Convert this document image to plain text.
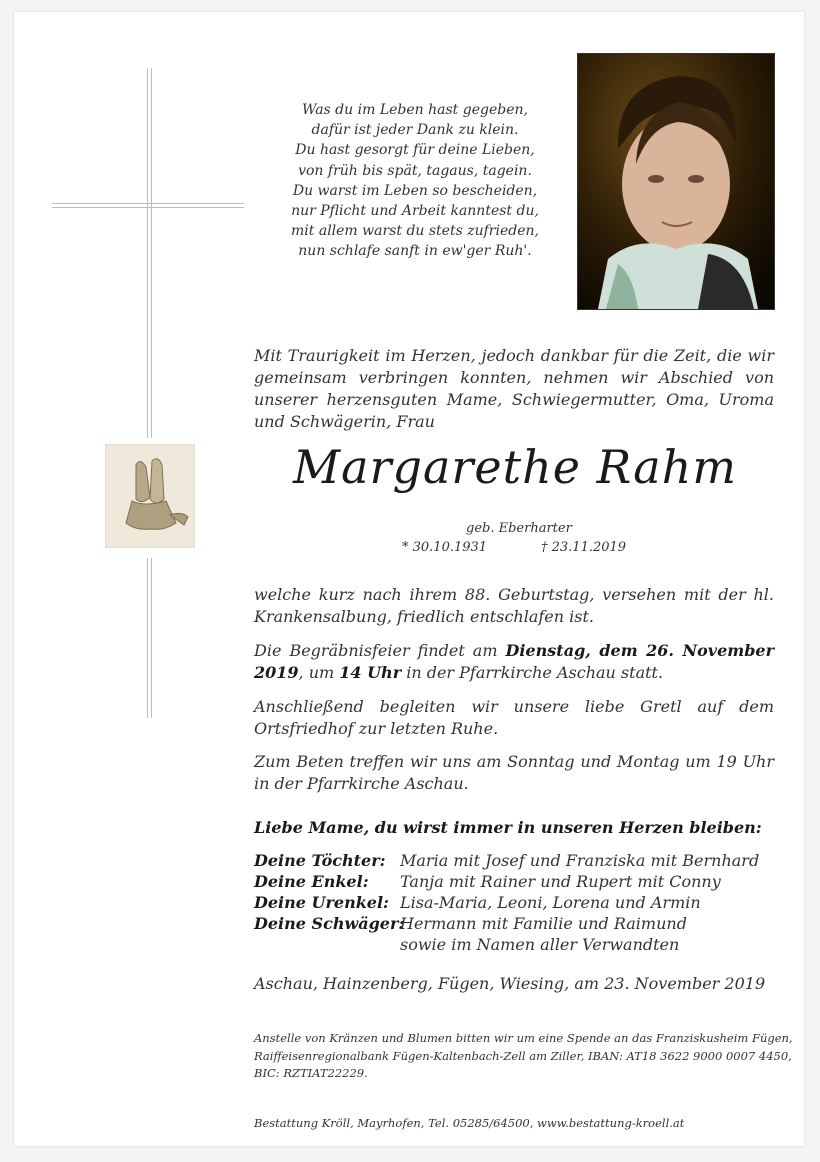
Was du im Leben hast gegeben,
dafür ist jeder Dank zu klein.
Du hast gesorgt für deine Lieben,
von früh bis spät, tagaus, tagein.
Du warst im Leben so bescheiden,
nur Pflicht und Arbeit kanntest du,
mit allem warst du stets zufrieden,
nun schlafe sanft in ew'ger Ruh'.

Mit Traurigkeit im Herzen, jedoch dankbar für die Zeit, die wir gemeinsam verbringen konnten, nehmen wir Abschied von unserer herzensguten Mame, Schwiegermutter, Oma, Uroma und Schwägerin, Frau

Margarethe Rahm
geb. Eberharter
* 30.10.1931	† 23.11.2019

welche kurz nach ihrem 88. Geburtstag, versehen mit der hl. Krankensalbung, friedlich entschlafen ist.

Die Begräbnisfeier findet am Dienstag, dem 26. November 2019, um 14 Uhr in der Pfarrkirche Aschau statt.

Anschließend begleiten wir unsere liebe Gretl auf dem Ortsfriedhof zur letzten Ruhe.

Zum Beten treffen wir uns am Sonntag und Montag um 19 Uhr in der Pfarrkirche Aschau.

Liebe Mame, du wirst immer in unseren Herzen bleiben:
Deine Töchter: Maria mit Josef und Franziska mit Bernhard
Deine Enkel:	Tanja mit Rainer und Rupert mit Conny
Deine Urenkel: Lisa-Maria, Leoni, Lorena und Armin
Deine Schwäger:
Hermann mit Familie und Raimund
sowie im Namen aller Verwandten
Aschau, Hainzenberg, Fügen, Wiesing, am 23. November 2019
Anstelle von Kränzen und Blumen bitten wir um eine Spende an das Franziskusheim Fügen,
Raiffeisenregionalbank Fügen-Kaltenbach-Zell am Ziller, IBAN: AT18 3622 9000 0007 4450,
BIC: RZTIAT22229.
Bestattung Kröll, Mayrhofen, Tel. 05285/64500, www.bestattung-kroell.at
